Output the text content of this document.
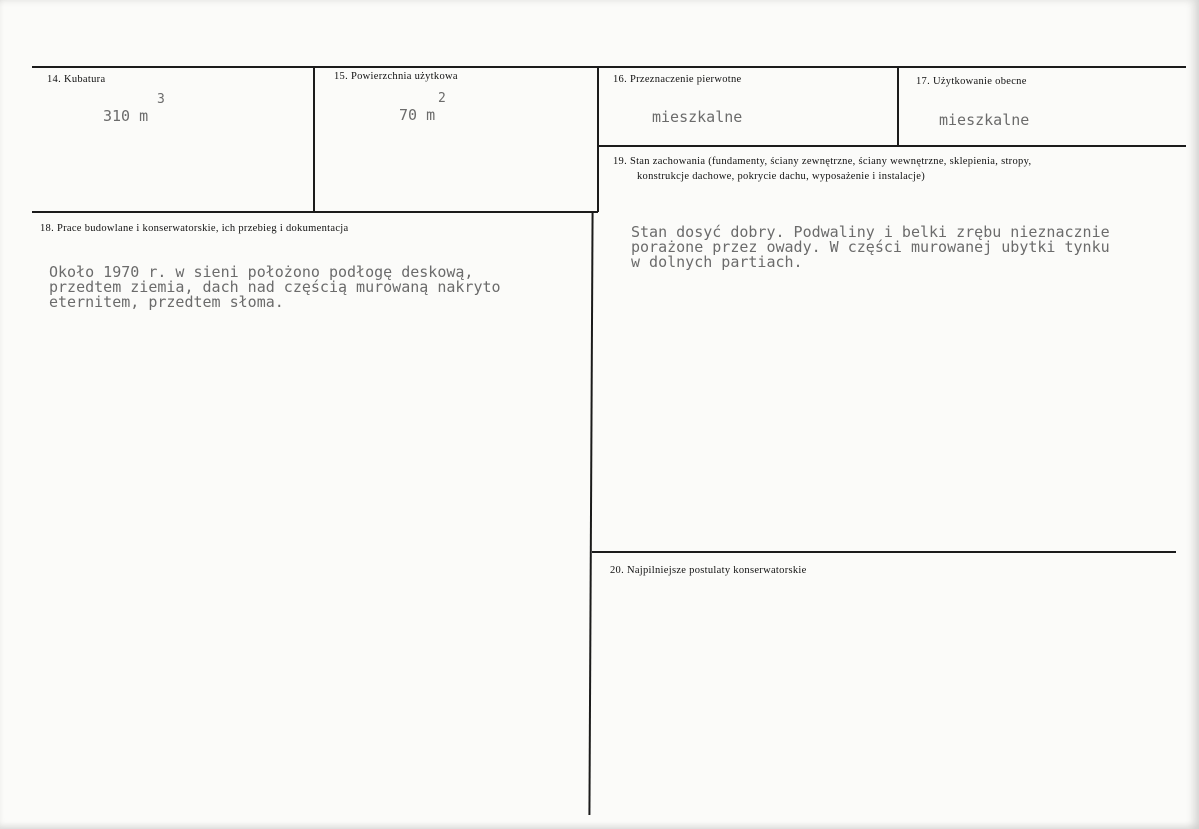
14. Kubatura
310 m
3
15. Powierzchnia użytkowa
70 m
2
16. Przeznaczenie pierwotne
mieszkalne
17. Użytkowanie obecne
mieszkalne
18. Prace budowlane i konserwatorskie, ich przebieg i dokumentacja
Około 1970 r. w sieni położono podłogę deskową,
przedtem ziemia, dach nad częścią murowaną nakryto
eternitem, przedtem słoma.
19. Stan zachowania (fundamenty, ściany zewnętrzne, ściany wewnętrzne, sklepienia, stropy,
konstrukcje dachowe, pokrycie dachu, wyposażenie i instalacje)
Stan dosyć dobry. Podwaliny i belki zrębu nieznacznie
porażone przez owady. W części murowanej ubytki tynku
w dolnych partiach.
20. Najpilniejsze postulaty konserwatorskie
